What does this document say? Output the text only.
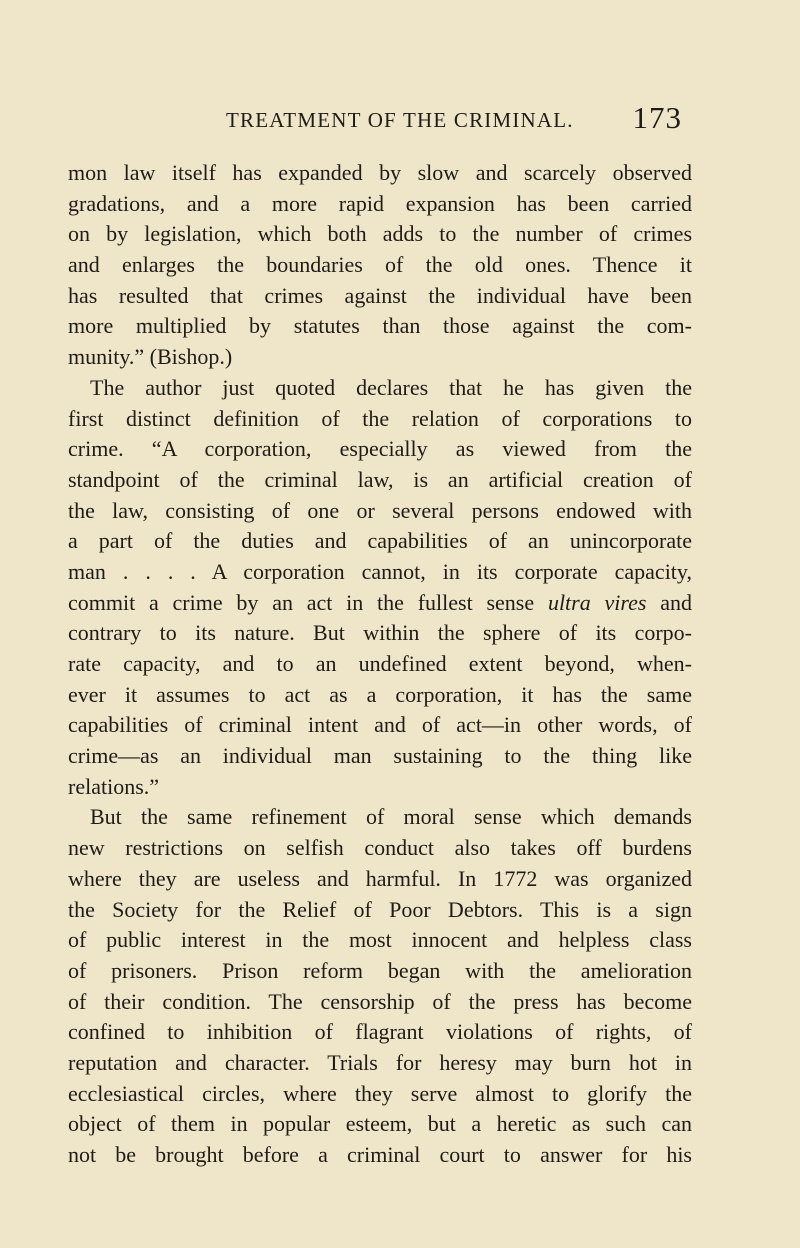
TREATMENT OF THE CRIMINAL. 173
mon law itself has expanded by slow and scarcely observed
gradations, and a more rapid expansion has been carried
on by legislation, which both adds to the number of crimes
and enlarges the boundaries of the old ones. Thence it
has resulted that crimes against the individual have been
more multiplied by statutes than those against the com-
munity.” (Bishop.)
The author just quoted declares that he has given the
first distinct definition of the relation of corporations to
crime. “A corporation, especially as viewed from the
standpoint of the criminal law, is an artificial creation of
the law, consisting of one or several persons endowed with
a part of the duties and capabilities of an unincorporate
man . . . . A corporation cannot, in its corporate capacity,
commit a crime by an act in the fullest sense ultra vires and
contrary to its nature. But within the sphere of its corpo-
rate capacity, and to an undefined extent beyond, when-
ever it assumes to act as a corporation, it has the same
capabilities of criminal intent and of act—in other words, of
crime—as an individual man sustaining to the thing like
relations.”
But the same refinement of moral sense which demands
new restrictions on selfish conduct also takes off burdens
where they are useless and harmful. In 1772 was organized
the Society for the Relief of Poor Debtors. This is a sign
of public interest in the most innocent and helpless class
of prisoners. Prison reform began with the amelioration
of their condition. The censorship of the press has become
confined to inhibition of flagrant violations of rights, of
reputation and character. Trials for heresy may burn hot in
ecclesiastical circles, where they serve almost to glorify the
object of them in popular esteem, but a heretic as such can
not be brought before a criminal court to answer for his
